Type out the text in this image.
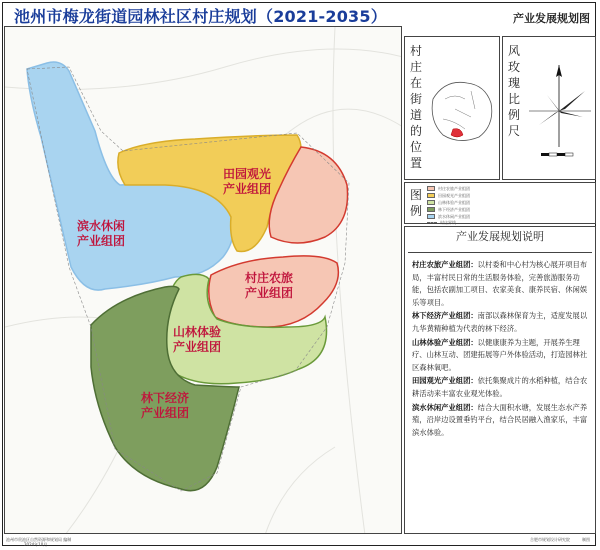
池州市梅龙街道园林社区村庄规划（2021-2035）	产业发展规划图
滨水休闲
产业组团
田园观光
产业组团
村庄农旅
产业组团
山林体验
产业组团
林下经济
产业组团
村庄在街道的位置
风玫瑰比例尺
图例
村庄农旅产业组团
田园观光产业组团
山林体验产业组团
林下经济产业组团
滨水休闲产业组团
村庄界线
产业发展规划说明

村庄农旅产业组团：以村委和中心村为核心展开项目布局，丰富村民日常的生活服务体验，完善旅游服务功能，包括农副加工项目、农家美食、康养民宿、休闲娱乐等项目。

林下经济产业组团：南部以森林保育为主，适度发展以九华黄精种植为代表的林下经济。

山林体验产业组团：以健康康养为主题，开展养生理疗、山林互动、团建拓展等户外体验活动，打造园林社区森林氧吧。

田园观光产业组团：依托集聚成片的水稻种植，结合农耕活动来丰富农业观光体验。

滨水休闲产业组团：结合大面积水塘，发展生态水产养殖，沿岸边设置垂钓平台，结合民居融入渔家乐，丰富滨水体验。

池州市贵池区自然资源和规划局 编制
2024年10月
合肥市规划设计研究院	制图
